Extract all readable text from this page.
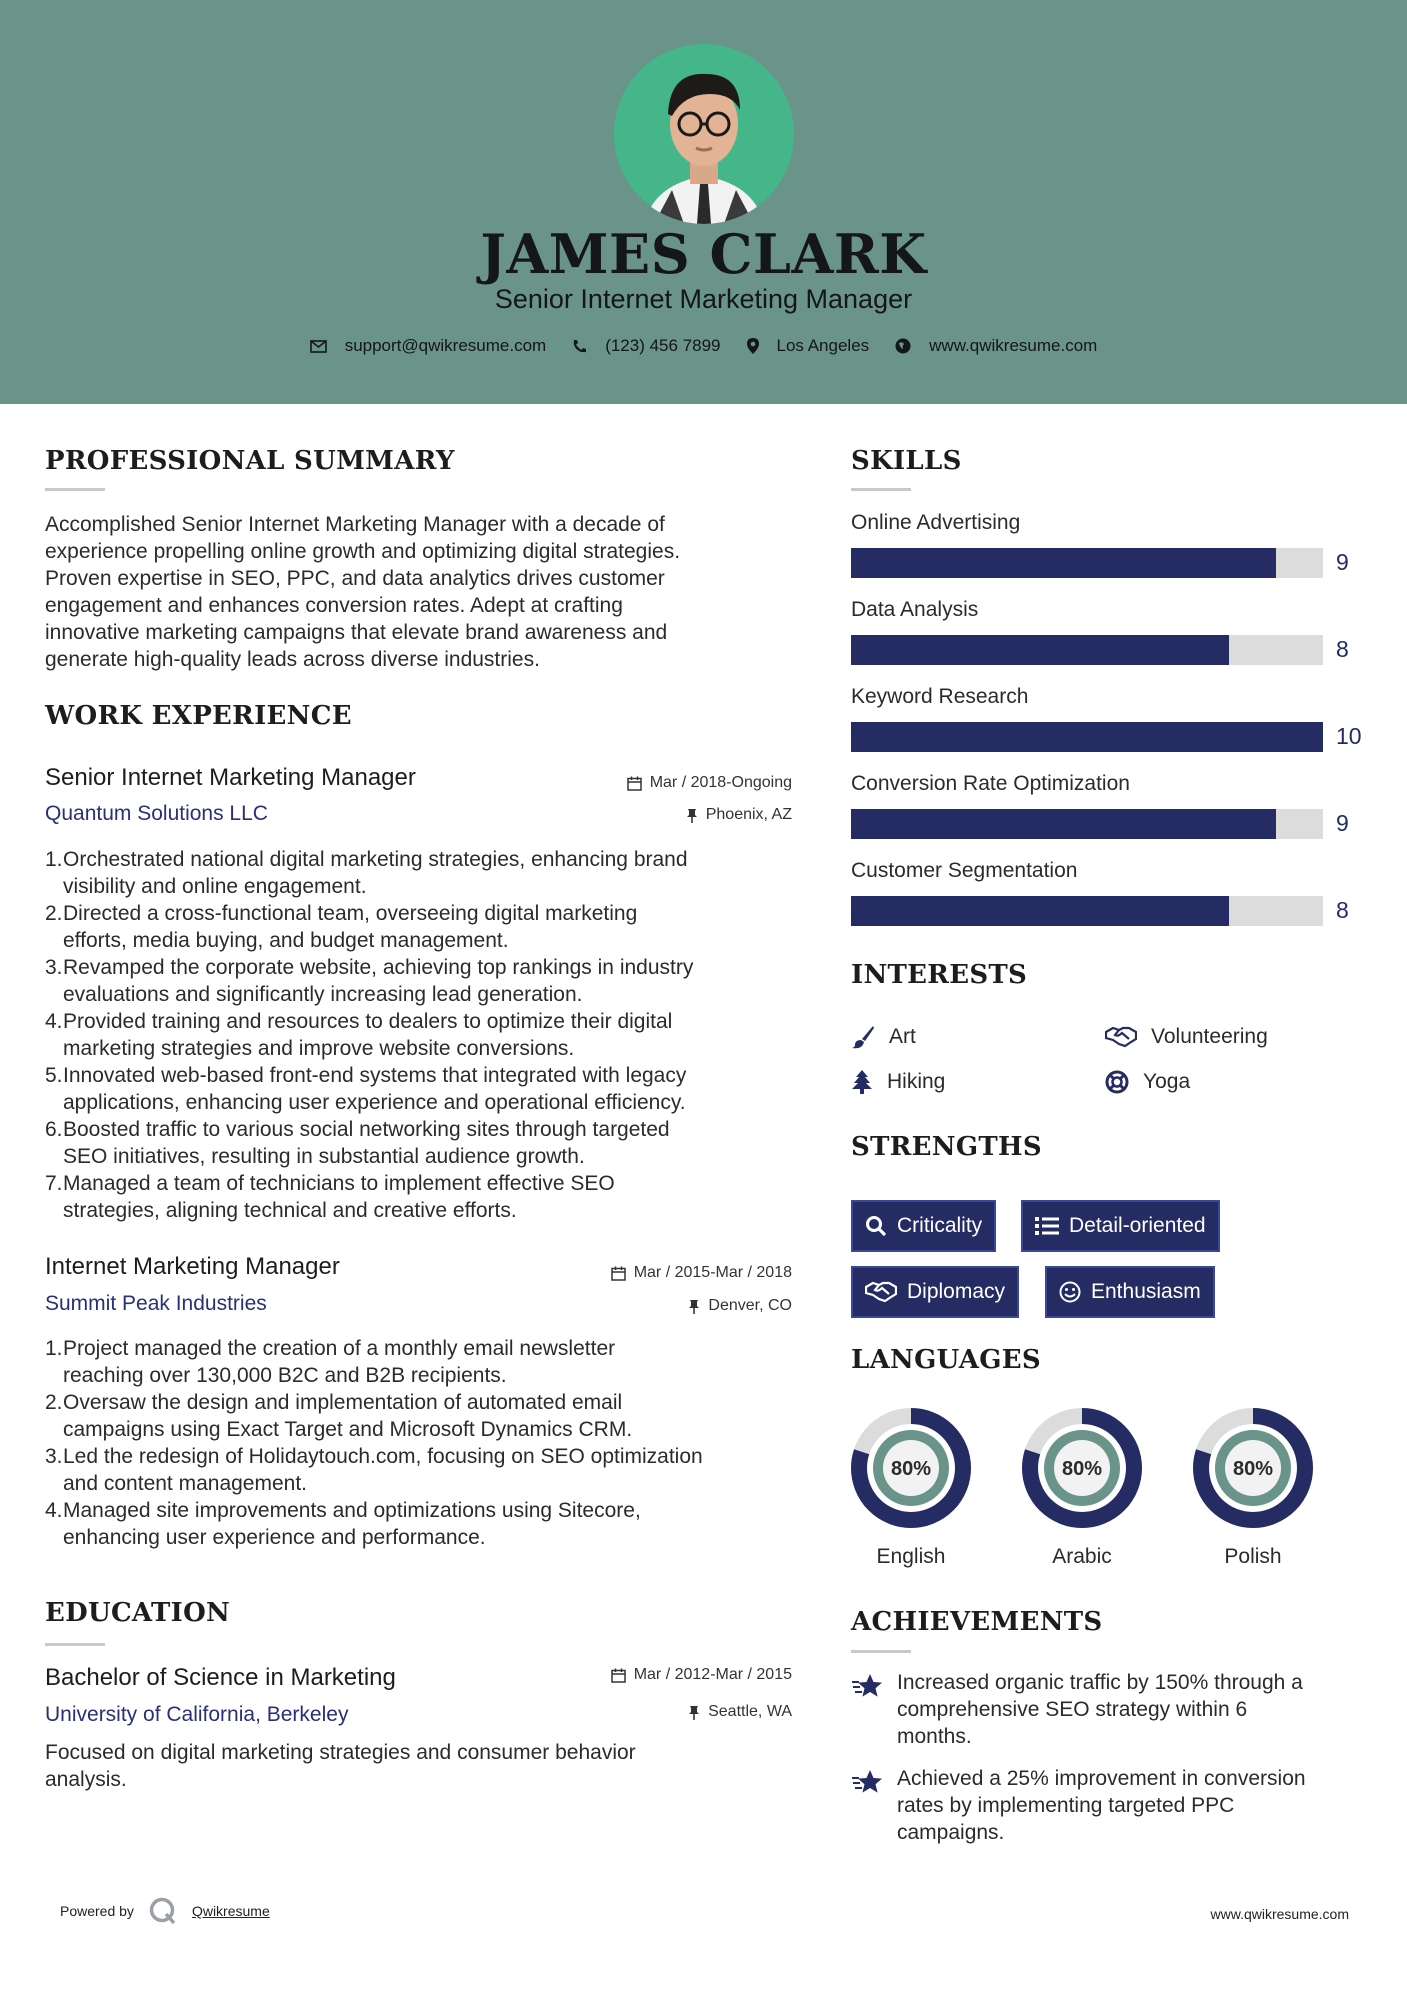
JAMES CLARK
Senior Internet Marketing Manager
support@qwikresume.com	(123) 456 7899	Los Angeles	www.qwikresume.com
PROFESSIONAL SUMMARY
Accomplished Senior Internet Marketing Manager with a decade of
experience propelling online growth and optimizing digital strategies.
Proven expertise in SEO, PPC, and data analytics drives customer
engagement and enhances conversion rates. Adept at crafting
innovative marketing campaigns that elevate brand awareness and
generate high-quality leads across diverse industries.
WORK EXPERIENCE
Senior Internet Marketing Manager
Quantum Solutions LLC
Mar / 2018-Ongoing
Phoenix, AZ
1. Orchestrated national digital marketing strategies, enhancing brand
visibility and online engagement.
2. Directed a cross-functional team, overseeing digital marketing
efforts, media buying, and budget management.
3. Revamped the corporate website, achieving top rankings in industry
evaluations and significantly increasing lead generation.
4. Provided training and resources to dealers to optimize their digital
marketing strategies and improve website conversions.
5. Innovated web-based front-end systems that integrated with legacy
applications, enhancing user experience and operational efficiency.
6. Boosted traffic to various social networking sites through targeted
SEO initiatives, resulting in substantial audience growth.
7. Managed a team of technicians to implement effective SEO
strategies, aligning technical and creative efforts.
Internet Marketing Manager
Summit Peak Industries
Mar / 2015-Mar / 2018
Denver, CO
1. Project managed the creation of a monthly email newsletter
reaching over 130,000 B2C and B2B recipients.
2. Oversaw the design and implementation of automated email
campaigns using Exact Target and Microsoft Dynamics CRM.
3. Led the redesign of Holidaytouch.com, focusing on SEO optimization
and content management.
4. Managed site improvements and optimizations using Sitecore,
enhancing user experience and performance.
EDUCATION
Bachelor of Science in Marketing
University of California, Berkeley
Mar / 2012-Mar / 2015
Seattle, WA
Focused on digital marketing strategies and consumer behavior
analysis.
SKILLS
Online Advertising
9
Data Analysis
8
Keyword Research
10
Conversion Rate Optimization
9
Customer Segmentation
8
INTERESTS
Art	Volunteering
Hiking	Yoga
STRENGTHS
Criticality	Detail-oriented
Diplomacy	Enthusiasm
LANGUAGES
80%
English
80%
Arabic
80%
Polish
ACHIEVEMENTS
Increased organic traffic by 150% through a
comprehensive SEO strategy within 6
months.
Achieved a 25% improvement in conversion
rates by implementing targeted PPC
campaigns.
Powered by	Qwikresume	www.qwikresume.com
